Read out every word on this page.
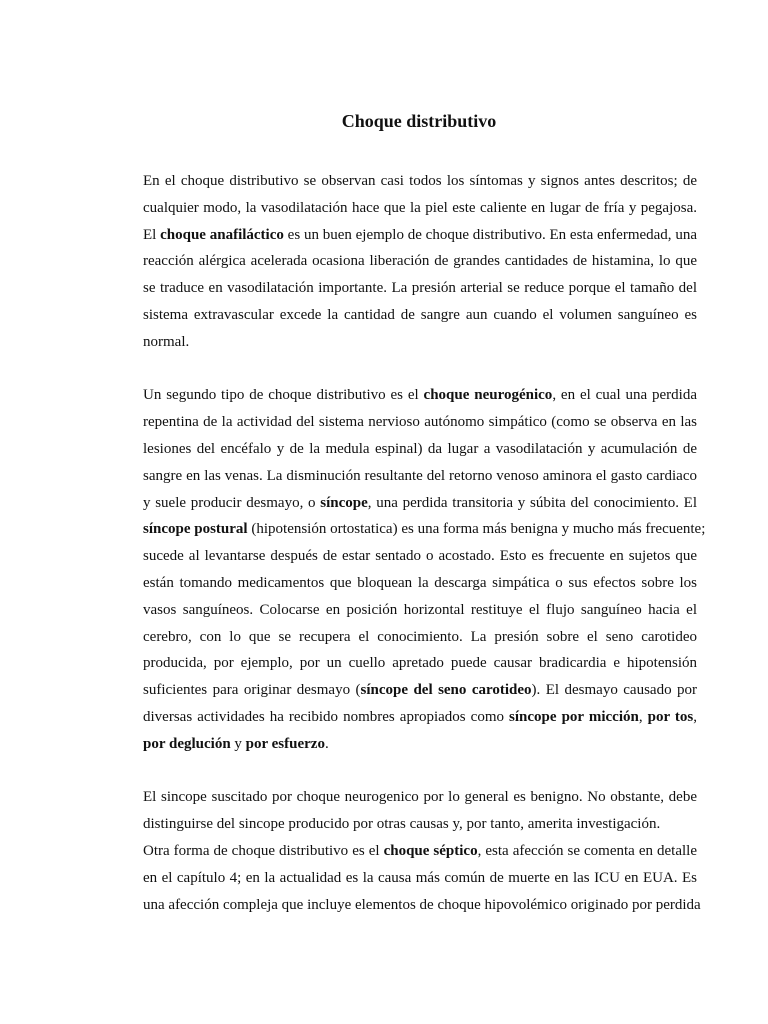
Choque distributivo
En el choque distributivo se observan casi todos los síntomas y signos antes descritos; de
cualquier modo, la vasodilatación hace que la piel este caliente en lugar de fría y pegajosa.
El choque anafiláctico es un buen ejemplo de choque distributivo. En esta enfermedad, una
reacción alérgica acelerada ocasiona liberación de grandes cantidades de histamina, lo que
se traduce en vasodilatación importante. La presión arterial se reduce porque el tamaño del
sistema extravascular excede la cantidad de sangre aun cuando el volumen sanguíneo es
normal.
Un segundo tipo de choque distributivo es el choque neurogénico, en el cual una perdida
repentina de la actividad del sistema nervioso autónomo simpático (como se observa en las
lesiones del encéfalo y de la medula espinal) da lugar a vasodilatación y acumulación de
sangre en las venas. La disminución resultante del retorno venoso aminora el gasto cardiaco
y suele producir desmayo, o síncope, una perdida transitoria y súbita del conocimiento. El
síncope postural (hipotensión ortostatica) es una forma más benigna y mucho más frecuente;
sucede al levantarse después de estar sentado o acostado. Esto es frecuente en sujetos que
están tomando medicamentos que bloquean la descarga simpática o sus efectos sobre los
vasos sanguíneos. Colocarse en posición horizontal restituye el flujo sanguíneo hacia el
cerebro, con lo que se recupera el conocimiento. La presión sobre el seno carotideo
producida, por ejemplo, por un cuello apretado puede causar bradicardia e hipotensión
suficientes para originar desmayo (síncope del seno carotideo). El desmayo causado por
diversas actividades ha recibido nombres apropiados como síncope por micción, por tos,
por deglución y por esfuerzo.
El sincope suscitado por choque neurogenico por lo general es benigno. No obstante, debe
distinguirse del sincope producido por otras causas y, por tanto, amerita investigación.
Otra forma de choque distributivo es el choque séptico, esta afección se comenta en detalle
en el capítulo 4; en la actualidad es la causa más común de muerte en las ICU en EUA. Es
una afección compleja que incluye elementos de choque hipovolémico originado por perdida
